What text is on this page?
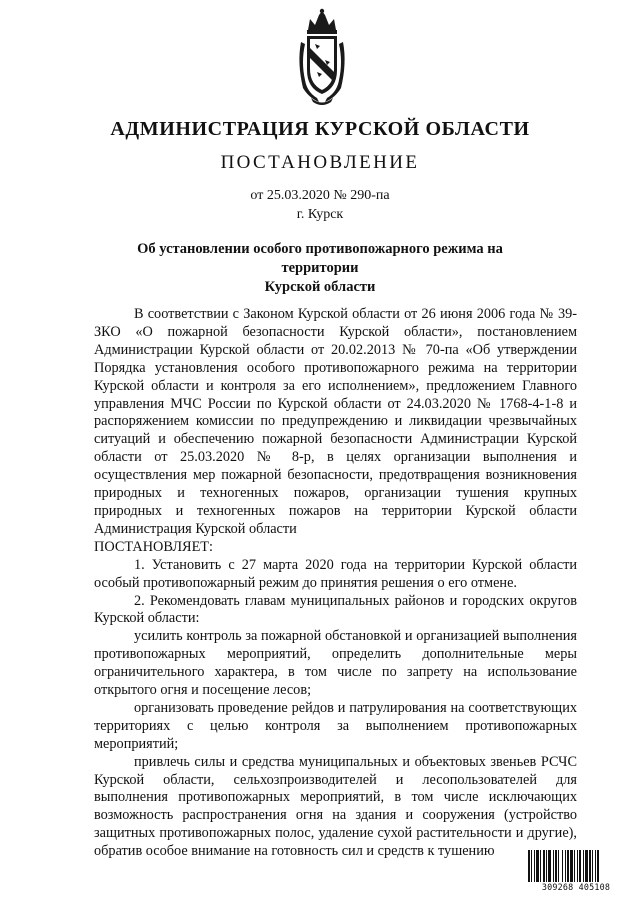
АДМИНИСТРАЦИЯ КУРСКОЙ ОБЛАСТИ
ПОСТАНОВЛЕНИЕ
от 25.03.2020 № 290-па
г. Курск
Об установлении особого противопожарного режима на территории
Курской области

В соответствии с Законом Курской области от 26 июня 2006 года № 39-ЗКО «О пожарной безопасности Курской области», постановлением Администрации Курской области от 20.02.2013 № 70-па «Об утверждении Порядка установления особого противопожарного режима на территории Курской области и контроля за его исполнением», предложением Главного управления МЧС России по Курской области от 24.03.2020 № 1768-4-1-8 и распоряжением комиссии по предупреждению и ликвидации чрезвычайных ситуаций и обеспечению пожарной безопасности Администрации Курской области от 25.03.2020 № 8-р, в целях организации выполнения и осуществления мер пожарной безопасности, предотвращения возникновения природных и техногенных пожаров, организации тушения крупных природных и техногенных пожаров на территории Курской области Администрация Курской области

ПОСТАНОВЛЯЕТ:

1. Установить с 27 марта 2020 года на территории Курской области особый противопожарный режим до принятия решения о его отмене.

2. Рекомендовать главам муниципальных районов и городских округов Курской области:

усилить контроль за пожарной обстановкой и организацией выполнения противопожарных мероприятий, определить дополнительные меры ограничительного характера, в том числе по запрету на использование открытого огня и посещение лесов;

организовать проведение рейдов и патрулирования на соответствующих территориях с целью контроля за выполнением противопожарных мероприятий;

привлечь силы и средства муниципальных и объектовых звеньев РСЧС Курской области, сельхозпроизводителей и лесопользователей для выполнения противопожарных мероприятий, в том числе исключающих возможность распространения огня на здания и сооружения (устройство защитных противопожарных полос, удаление сухой растительности и другие), обратив особое внимание на готовность сил и средств к тушению

309268 405108
